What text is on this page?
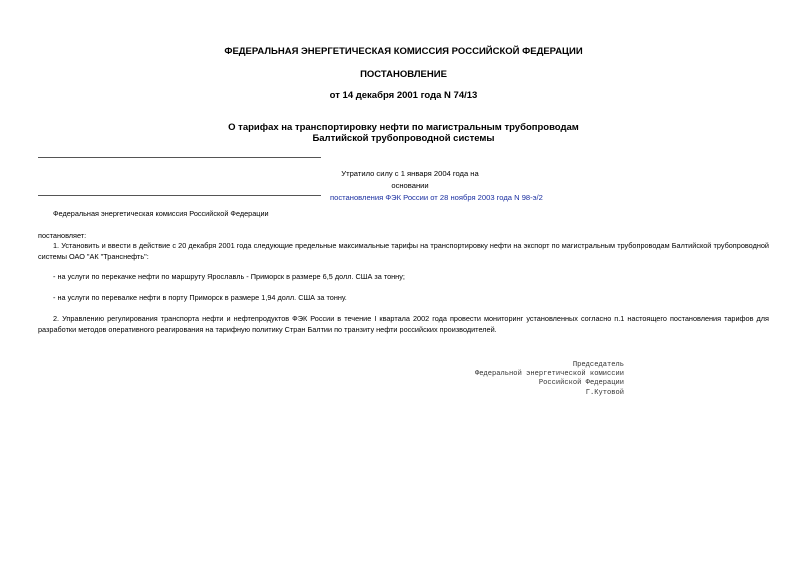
ФЕДЕРАЛЬНАЯ ЭНЕРГЕТИЧЕСКАЯ КОМИССИЯ РОССИЙСКОЙ ФЕДЕРАЦИИ
ПОСТАНОВЛЕНИЕ
от 14 декабря 2001 года N 74/13
О тарифах на транспортировку нефти по магистральным трубопроводам
Балтийской трубопроводной системы
Утратило силу с 1 января 2004 года на основании
постановления ФЭК России от 28 ноября 2003 года N 98-э/2
Федеральная энергетическая комиссия Российской Федерации
постановляет:
1. Установить и ввести в действие с 20 декабря 2001 года следующие предельные максимальные тарифы на транспортировку нефти на экспорт по магистральным трубопроводам Балтийской трубопроводной системы ОАО "АК "Транснефть":
- на услуги по перекачке нефти по маршруту Ярославль - Приморск в размере 6,5 долл. США за тонну;
- на услуги по перевалке нефти в порту Приморск в размере 1,94 долл. США за тонну.
2. Управлению регулирования транспорта нефти и нефтепродуктов ФЭК России в течение I квартала 2002 года провести мониторинг установленных согласно п.1 настоящего постановления тарифов для разработки методов оперативного реагирования на тарифную политику Стран Балтии по транзиту нефти российских производителей.
Председатель
Федеральной энергетической комиссии
Российской Федерации
Г.Кутовой
